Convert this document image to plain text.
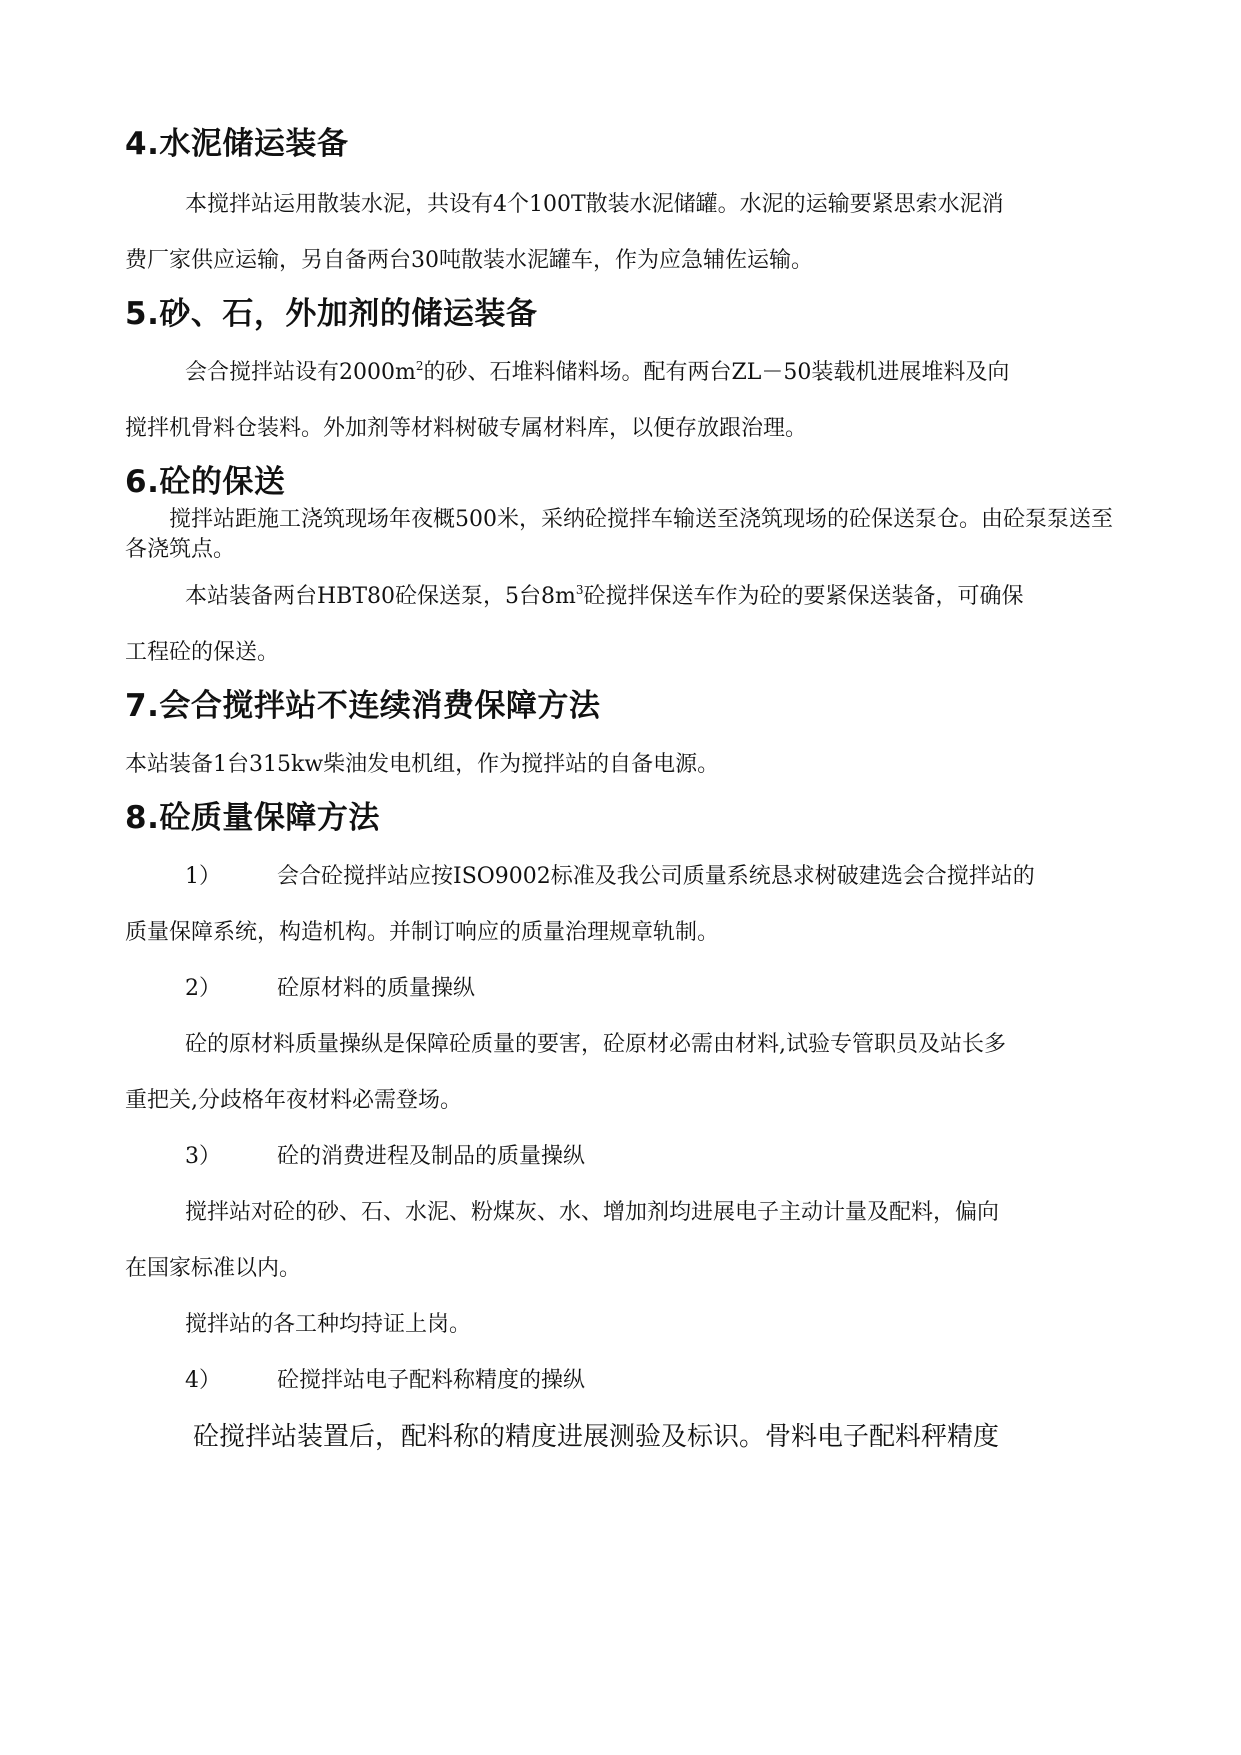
4.水泥储运装备
本搅拌站运用散装水泥，共设有4个100T散装水泥储罐。水泥的运输要紧思索水泥消
费厂家供应运输，另自备两台30吨散装水泥罐车，作为应急辅佐运输。
5.砂、石，外加剂的储运装备
会合搅拌站设有$2000m^2$的砂、石堆料储料场。配有两台ZL－50装载机进展堆料及向
搅拌机骨料仓装料。外加剂等材料树破专属材料库，以便存放跟治理。
6.砼的保送
搅拌站距施工浇筑现场年夜概500米，采纳砼搅拌车输送至浇筑现场的砼保送泵仓。由砼泵泵送至各浇筑点。
本站装备两台HBT80砼保送泵，5台$8m^3$砼搅拌保送车作为砼的要紧保送装备，可确保
工程砼的保送。
7.会合搅拌站不连续消费保障方法
本站装备1台315kw柴油发电机组，作为搅拌站的自备电源。
8.砼质量保障方法
1）	会合砼搅拌站应按ISO9002标准及我公司质量系统恳求树破建选会合搅拌站的
质量保障系统，构造机构。并制订响应的质量治理规章轨制。
2）	砼原材料的质量操纵
砼的原材料质量操纵是保障砼质量的要害，砼原材必需由材料,试验专管职员及站长多
重把关,分歧格年夜材料必需登场。
3）	砼的消费进程及制品的质量操纵
搅拌站对砼的砂、石、水泥、粉煤灰、水、增加剂均进展电子主动计量及配料，偏向
在国家标准以内。
搅拌站的各工种均持证上岗。
4）	砼搅拌站电子配料称精度的操纵
砼搅拌站装置后，配料称的精度进展测验及标识。骨料电子配料秤精度
